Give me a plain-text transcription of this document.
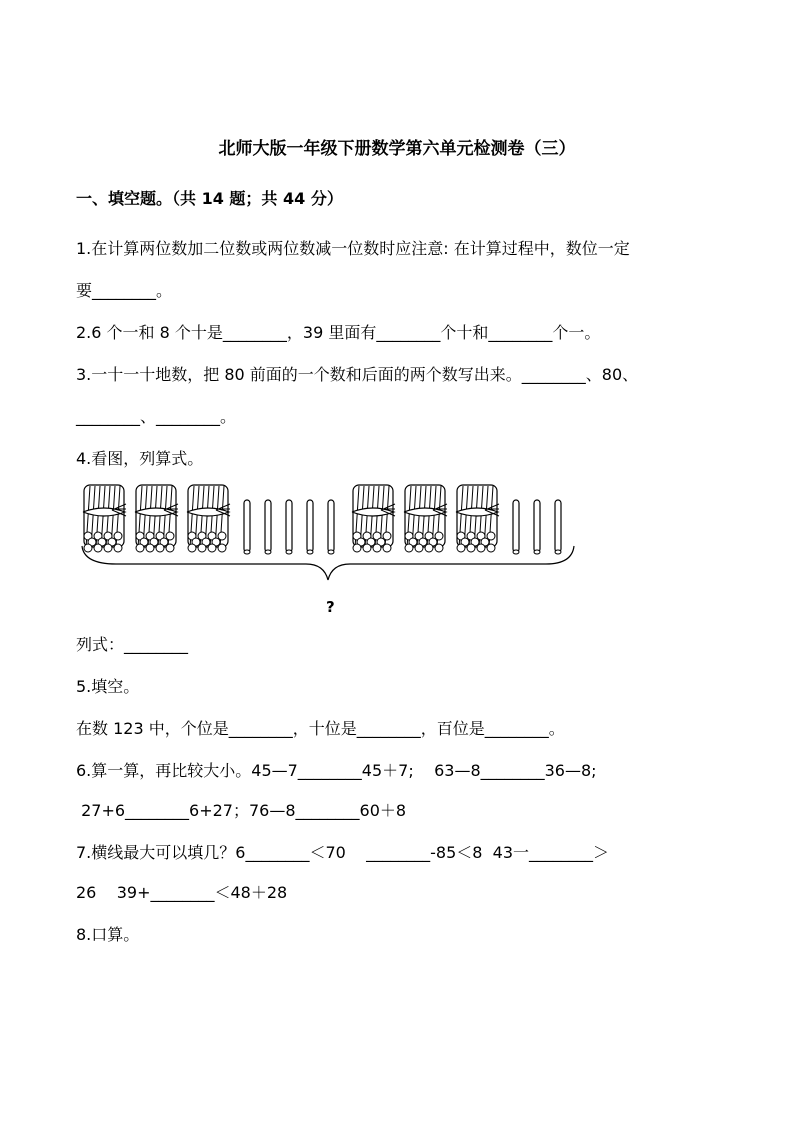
北师大版一年级下册数学第六单元检测卷（三）
一、填空题。（共 14 题；共 44 分）
1.在计算两位数加二位数或两位数减一位数时应注意: 在计算过程中，数位一定
要________。
2.6 个一和 8 个十是________，39 里面有________个十和________个一。
3.一十一十地数，把 80 前面的一个数和后面的两个数写出来。________、80、
________、________。
4.看图，列算式。
?
列式：________
5.填空。
在数 123 中，个位是________，十位是________，百位是________。
6.算一算，再比较大小。45—7________45＋7;    63—8________36—8;
27+6________6+27；76—8________60＋8
7.横线最大可以填几？6________＜70    ________-85＜8  43一________＞
26    39+________＜48＋28
8.口算。
